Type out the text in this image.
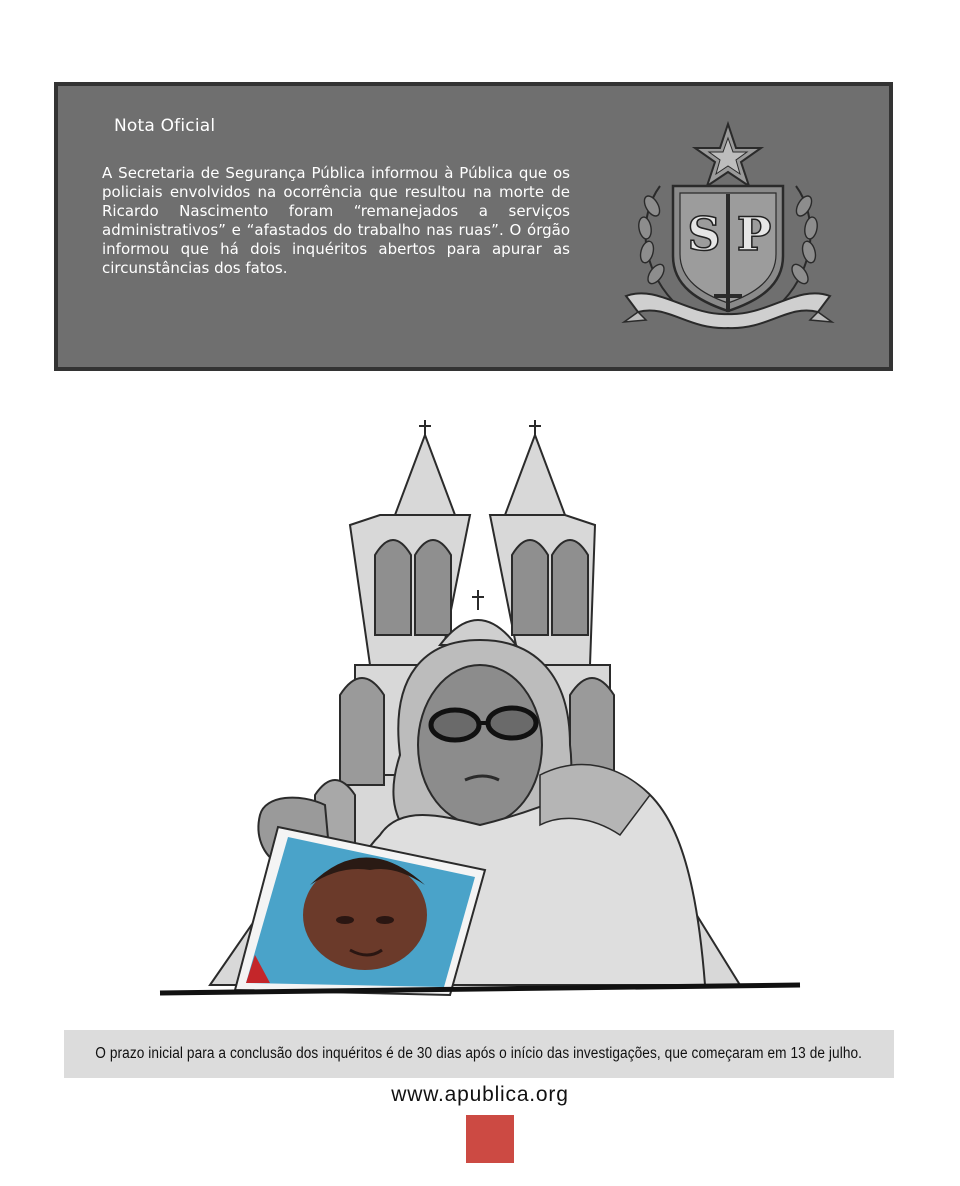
Nota Oficial

A Secretaria de Segurança Pública informou à Pública que os policiais envolvidos na ocorrência que resultou na morte de Ricardo Nascimento foram “remanejados a serviços administrativos” e “afastados do trabalho nas ruas”. O órgão informou que há dois inquéritos abertos para apurar as circunstâncias dos fatos.

S P
O prazo inicial para a conclusão dos inquéritos é de 30 dias após o início das investigações, que começaram em 13 de julho.
www.apublica.org
